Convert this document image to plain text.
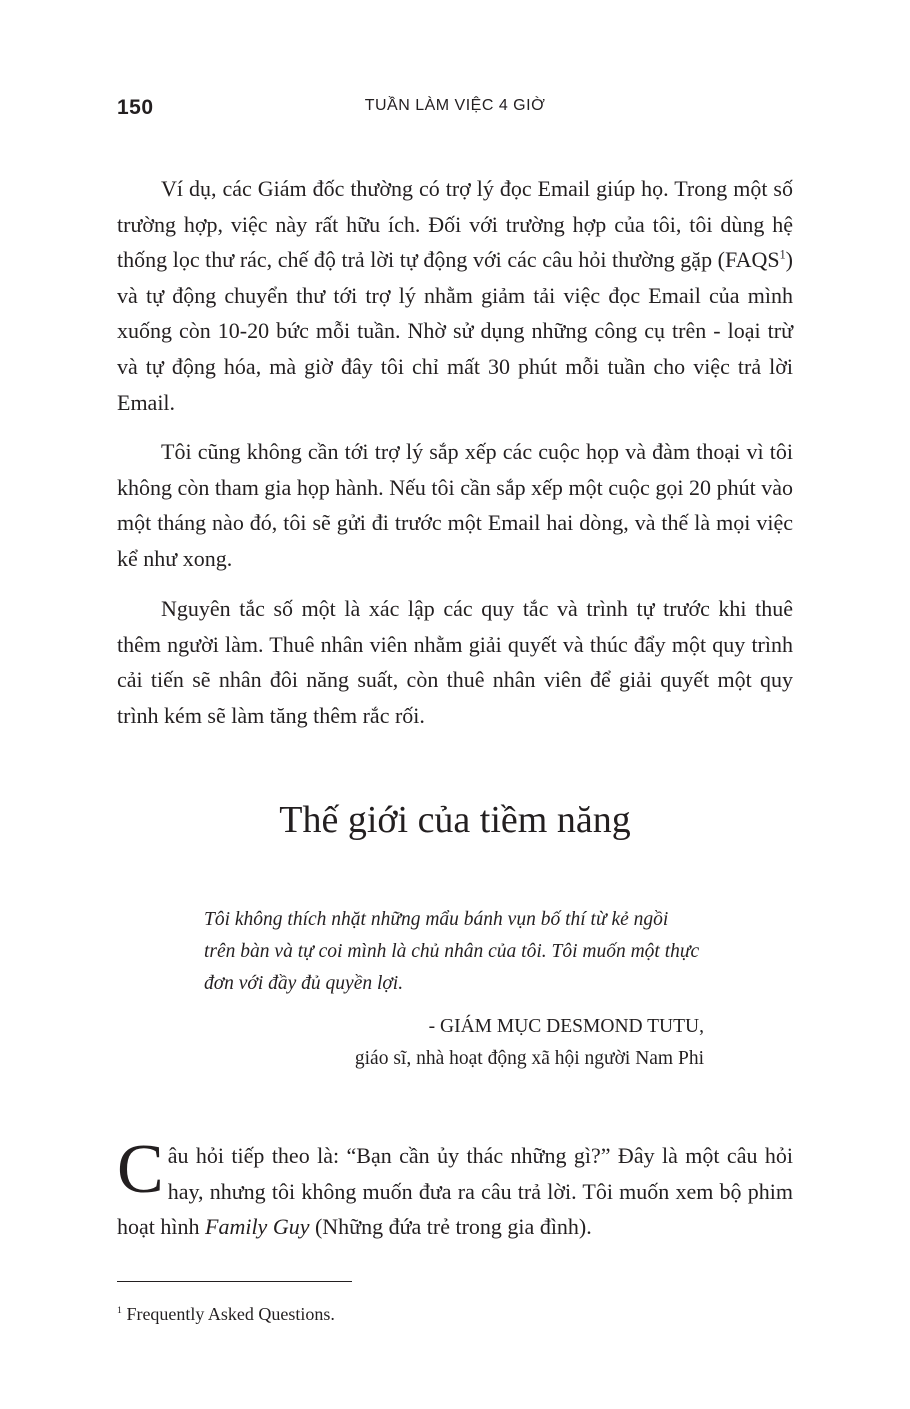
150	TUẦN LÀM VIỆC 4 GIỜ

Ví dụ, các Giám đốc thường có trợ lý đọc Email giúp họ. Trong một số trường hợp, việc này rất hữu ích. Đối với trường hợp của tôi, tôi dùng hệ thống lọc thư rác, chế độ trả lời tự động với các câu hỏi thường gặp (FAQS$^1$) và tự động chuyển thư tới trợ lý nhằm giảm tải việc đọc Email của mình xuống còn 10-20 bức mỗi tuần. Nhờ sử dụng những công cụ trên - loại trừ và tự động hóa, mà giờ đây tôi chỉ mất 30 phút mỗi tuần cho việc trả lời Email.

Tôi cũng không cần tới trợ lý sắp xếp các cuộc họp và đàm thoại vì tôi không còn tham gia họp hành. Nếu tôi cần sắp xếp một cuộc gọi 20 phút vào một tháng nào đó, tôi sẽ gửi đi trước một Email hai dòng, và thế là mọi việc kể như xong.

Nguyên tắc số một là xác lập các quy tắc và trình tự trước khi thuê thêm người làm. Thuê nhân viên nhằm giải quyết và thúc đẩy một quy trình cải tiến sẽ nhân đôi năng suất, còn thuê nhân viên để giải quyết một quy trình kém sẽ làm tăng thêm rắc rối.

Thế giới của tiềm năng

Tôi không thích nhặt những mẩu bánh vụn bố thí từ kẻ ngồi trên bàn và tự coi mình là chủ nhân của tôi. Tôi muốn một thực đơn với đầy đủ quyền lợi.

- GIÁM MỤC DESMOND TUTU,
giáo sĩ, nhà hoạt động xã hội người Nam Phi

Câu hỏi tiếp theo là: “Bạn cần ủy thác những gì?” Đây là một câu hỏi hay, nhưng tôi không muốn đưa ra câu trả lời. Tôi muốn xem bộ phim hoạt hình Family Guy (Những đứa trẻ trong gia đình).

$^1$ Frequently Asked Questions.
